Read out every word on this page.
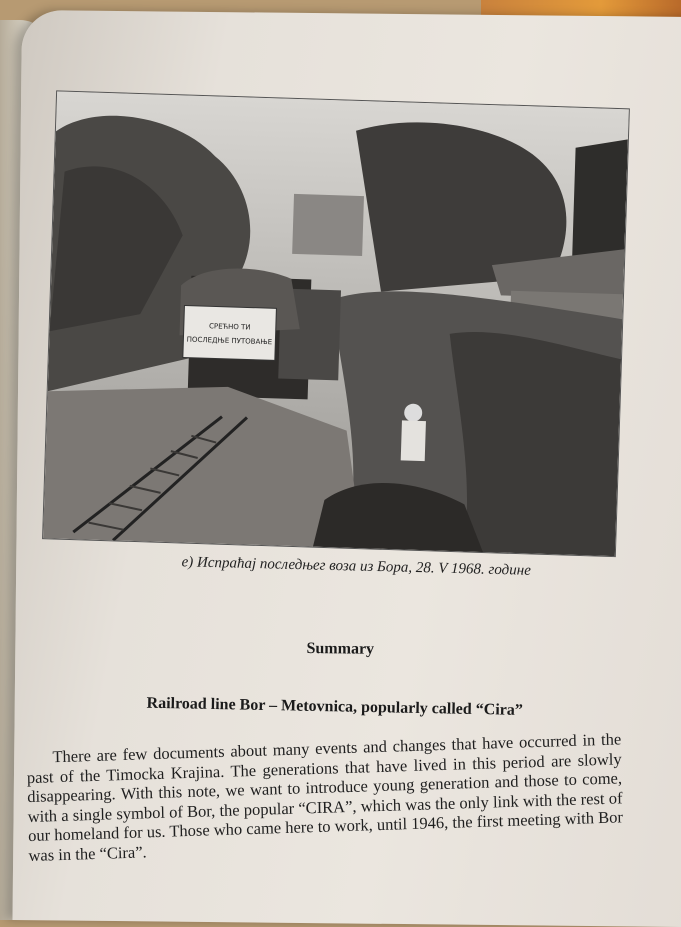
СРЕЋНО ТИ
ПОСЛЕДЊЕ ПУТОВАЊЕ
е) Испраћај последњег воза из Бора, 28. V 1968. године
Summary
Railroad line Bor – Metovnica, popularly called “Cira”

There are few documents about many events and changes that have occurred in the past of the Timocka Krajina. The generations that have lived in this period are slowly disappearing. With this note, we want to introduce young generation and those to come, with a single symbol of Bor, the popular “CIRA”, which was the only link with the rest of our homeland for us. Those who came here to work, until 1946, the first meeting with Bor was in the “Cira”.
